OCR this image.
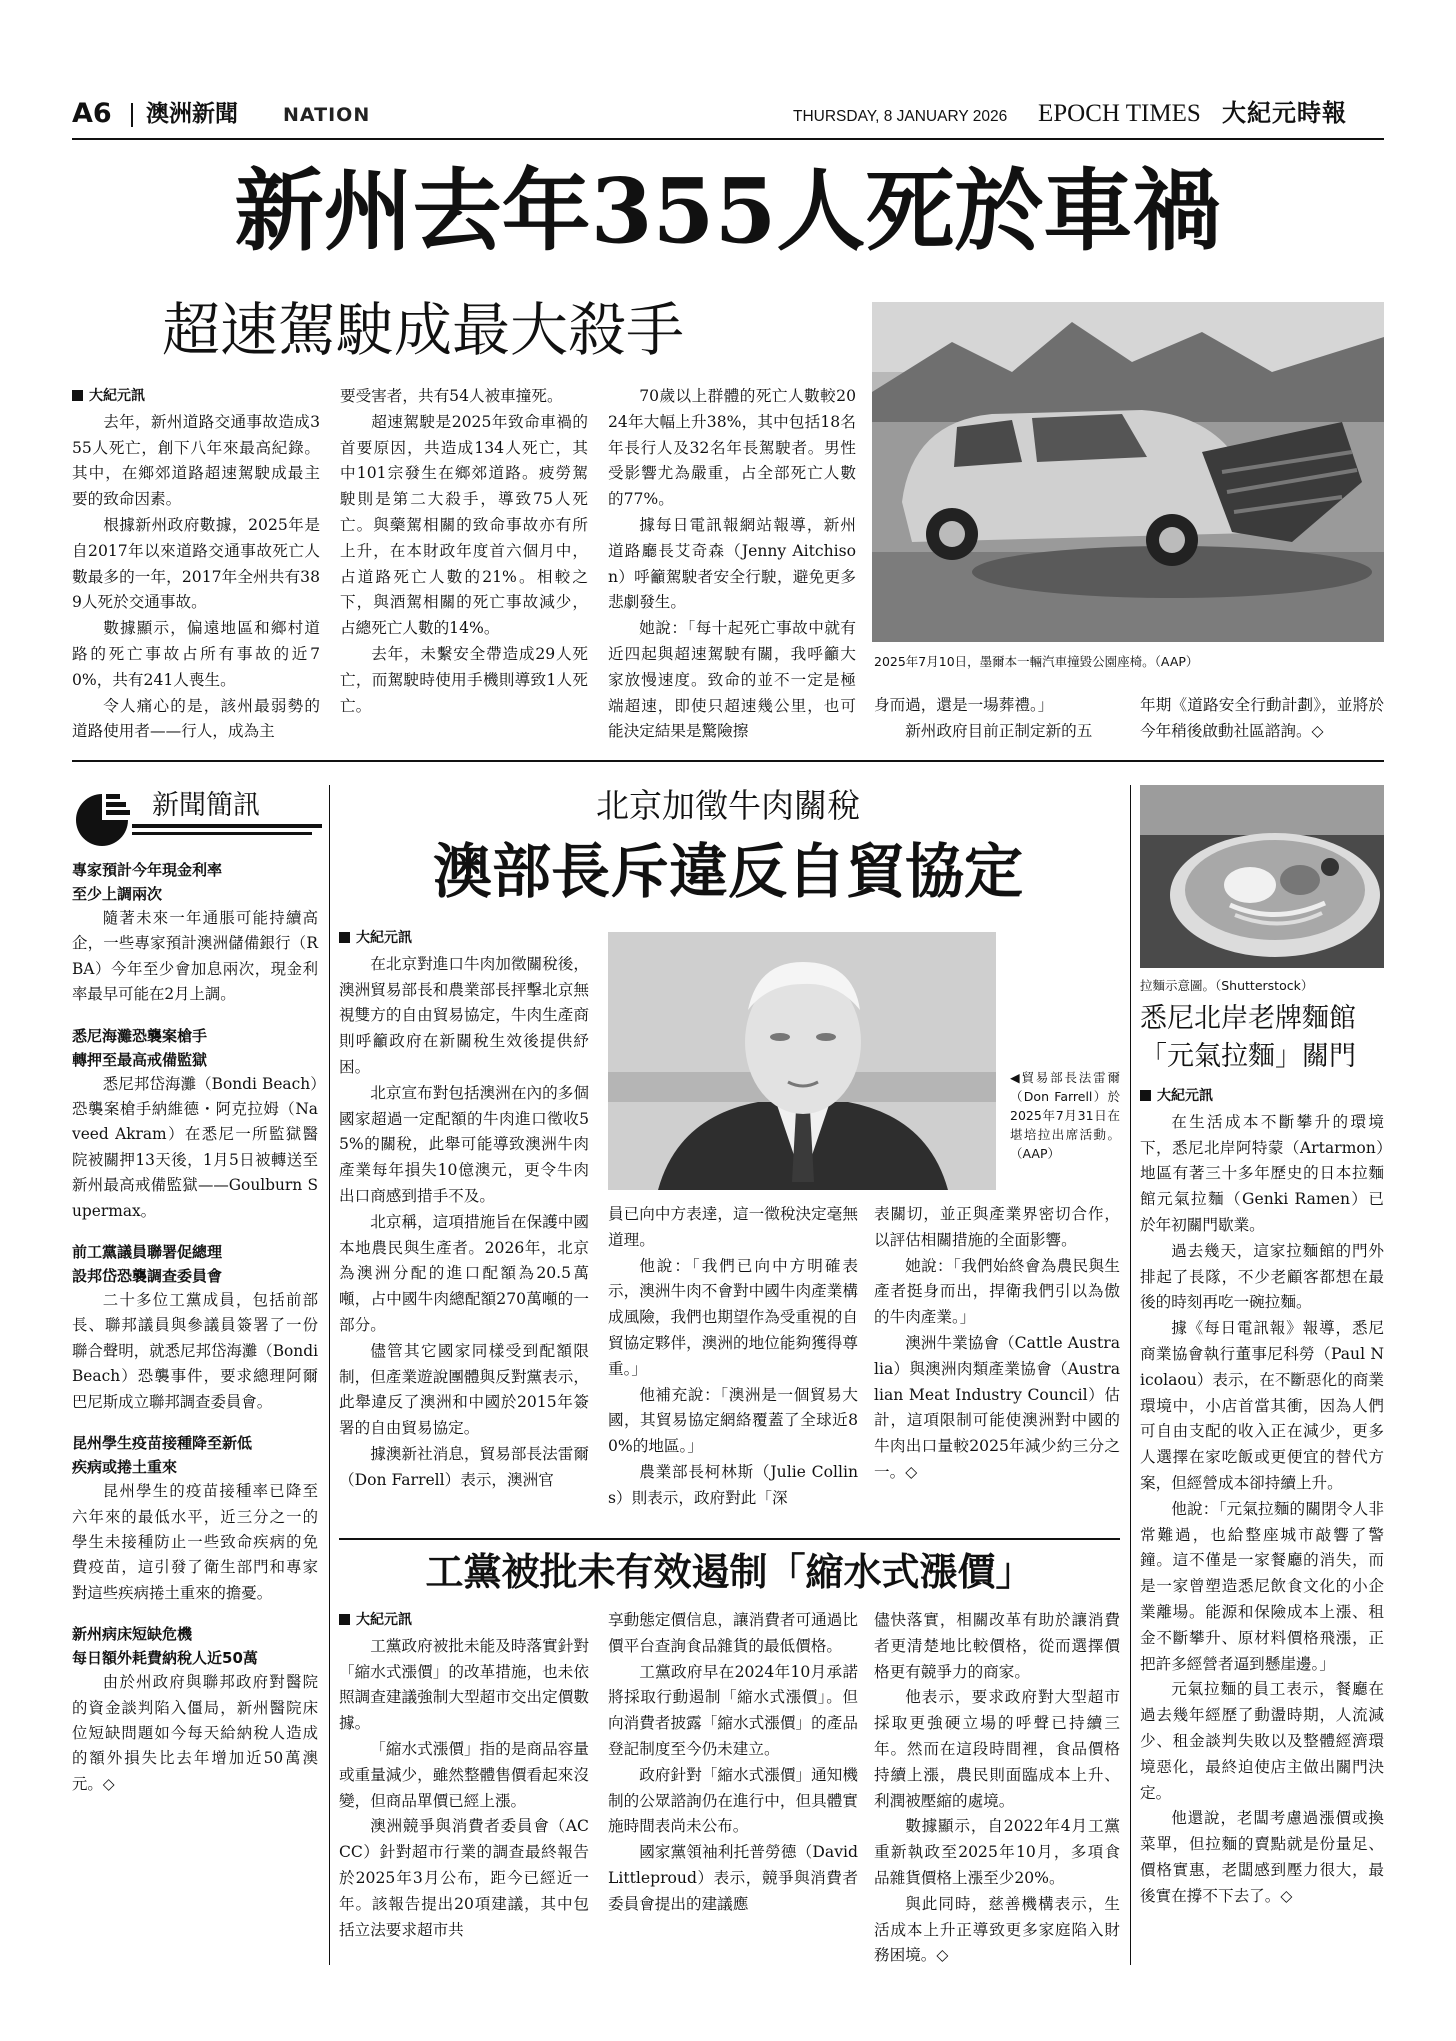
A6 澳洲新聞 NATION	THURSDAY, 8 JANUARY 2026 EPOCH TIMES 大紀元時報
新州去年355人死於車禍
超速駕駛成最大殺手
2025年7月10日，墨爾本一輛汽車撞毀公園座椅。（AAP）

大紀元訊

去年，新州道路交通事故造成355人死亡，創下八年來最高紀錄。其中，在鄉郊道路超速駕駛成最主要的致命因素。

根據新州政府數據，2025年是自2017年以來道路交通事故死亡人數最多的一年，2017年全州共有389人死於交通事故。

數據顯示，偏遠地區和鄉村道路的死亡事故占所有事故的近70%，共有241人喪生。

令人痛心的是，該州最弱勢的道路使用者——行人，成為主

要受害者，共有54人被車撞死。

超速駕駛是2025年致命車禍的首要原因，共造成134人死亡，其中101宗發生在鄉郊道路。疲勞駕駛則是第二大殺手，導致75人死亡。與藥駕相關的致命事故亦有所上升，在本財政年度首六個月中，占道路死亡人數的21%。相較之下，與酒駕相關的死亡事故減少，占總死亡人數的14%。

去年，未繫安全帶造成29人死亡，而駕駛時使用手機則導致1人死亡。

70歲以上群體的死亡人數較2024年大幅上升38%，其中包括18名年長行人及32名年長駕駛者。男性受影響尤為嚴重，占全部死亡人數的77%。

據每日電訊報網站報導，新州道路廳長艾奇森（Jenny Aitchison）呼籲駕駛者安全行駛，避免更多悲劇發生。

她說：「每十起死亡事故中就有近四起與超速駕駛有關，我呼籲大家放慢速度。致命的並不一定是極端超速，即使只超速幾公里，也可能決定結果是驚險擦

身而過，還是一場葬禮。」

新州政府目前正制定新的五

年期《道路安全行動計劃》，並將於今年稍後啟動社區諮詢。◇

新聞簡訊

專家預計今年現金利率
至少上調兩次

隨著未來一年通脹可能持續高企，一些專家預計澳洲儲備銀行（RBA）今年至少會加息兩次，現金利率最早可能在2月上調。

悉尼海灘恐襲案槍手
轉押至最高戒備監獄

悉尼邦岱海灘（Bondi Beach）恐襲案槍手納維德・阿克拉姆（Naveed Akram）在悉尼一所監獄醫院被關押13天後，1月5日被轉送至新州最高戒備監獄——Goulburn Supermax。

前工黨議員聯署促總理
設邦岱恐襲調查委員會

二十多位工黨成員，包括前部長、聯邦議員與參議員簽署了一份聯合聲明，就悉尼邦岱海灘（Bondi Beach）恐襲事件，要求總理阿爾巴尼斯成立聯邦調查委員會。

昆州學生疫苗接種降至新低
疾病或捲土重來

昆州學生的疫苗接種率已降至六年來的最低水平，近三分之一的學生未接種防止一些致命疾病的免費疫苗，這引發了衛生部門和專家對這些疾病捲土重來的擔憂。

新州病床短缺危機
每日額外耗費納稅人近50萬

由於州政府與聯邦政府對醫院的資金談判陷入僵局，新州醫院床位短缺問題如今每天給納稅人造成的額外損失比去年增加近50萬澳元。◇

北京加徵牛肉關稅
澳部長斥違反自貿協定
◀貿易部長法雷爾（Don Farrell）於2025年7月31日在堪培拉出席活動。（AAP）

大紀元訊

在北京對進口牛肉加徵關稅後，澳洲貿易部長和農業部長抨擊北京無視雙方的自由貿易協定，牛肉生產商則呼籲政府在新關稅生效後提供紓困。

北京宣布對包括澳洲在內的多個國家超過一定配額的牛肉進口徵收55%的關稅，此舉可能導致澳洲牛肉產業每年損失10億澳元，更令牛肉出口商感到措手不及。

北京稱，這項措施旨在保護中國本地農民與生產者。2026年，北京為澳洲分配的進口配額為20.5萬噸，占中國牛肉總配額270萬噸的一部分。

儘管其它國家同樣受到配額限制，但產業遊說團體與反對黨表示，此舉違反了澳洲和中國於2015年簽署的自由貿易協定。

據澳新社消息，貿易部長法雷爾（Don Farrell）表示，澳洲官

員已向中方表達，這一徵稅決定毫無道理。

他說：「我們已向中方明確表示，澳洲牛肉不會對中國牛肉產業構成風險，我們也期望作為受重視的自貿協定夥伴，澳洲的地位能夠獲得尊重。」

他補充說：「澳洲是一個貿易大國，其貿易協定網絡覆蓋了全球近80%的地區。」

農業部長柯林斯（Julie Collins）則表示，政府對此「深

表關切，並正與產業界密切合作，以評估相關措施的全面影響。

她說：「我們始終會為農民與生產者挺身而出，捍衛我們引以為傲的牛肉產業。」

澳洲牛業協會（Cattle Australia）與澳洲肉類產業協會（Australian Meat Industry Council）估計，這項限制可能使澳洲對中國的牛肉出口量較2025年減少約三分之一。◇

工黨被批未有效遏制「縮水式漲價」

大紀元訊

工黨政府被批未能及時落實針對「縮水式漲價」的改革措施，也未依照調查建議強制大型超市交出定價數據。

「縮水式漲價」指的是商品容量或重量減少，雖然整體售價看起來沒變，但商品單價已經上漲。

澳洲競爭與消費者委員會（ACCC）針對超市行業的調查最終報告於2025年3月公布，距今已經近一年。該報告提出20項建議，其中包括立法要求超市共

享動態定價信息，讓消費者可通過比價平台查詢食品雜貨的最低價格。

工黨政府早在2024年10月承諾將採取行動遏制「縮水式漲價」。但向消費者披露「縮水式漲價」的產品登記制度至今仍未建立。

政府針對「縮水式漲價」通知機制的公眾諮詢仍在進行中，但具體實施時間表尚未公布。

國家黨領袖利托普勞德（David Littleproud）表示，競爭與消費者委員會提出的建議應

儘快落實，相關改革有助於讓消費者更清楚地比較價格，從而選擇價格更有競爭力的商家。

他表示，要求政府對大型超市採取更強硬立場的呼聲已持續三年。然而在這段時間裡，食品價格持續上漲，農民則面臨成本上升、利潤被壓縮的處境。

數據顯示，自2022年4月工黨重新執政至2025年10月，多項食品雜貨價格上漲至少20%。

與此同時，慈善機構表示，生活成本上升正導致更多家庭陷入財務困境。◇

拉麵示意圖。（Shutterstock）
悉尼北岸老牌麵館
「元氣拉麵」關門

大紀元訊

在生活成本不斷攀升的環境下，悉尼北岸阿特蒙（Artarmon）地區有著三十多年歷史的日本拉麵館元氣拉麵（Genki Ramen）已於年初關門歇業。

過去幾天，這家拉麵館的門外排起了長隊，不少老顧客都想在最後的時刻再吃一碗拉麵。

據《每日電訊報》報導，悉尼商業協會執行董事尼科勞（Paul Nicolaou）表示，在不斷惡化的商業環境中，小店首當其衝，因為人們可自由支配的收入正在減少，更多人選擇在家吃飯或更便宜的替代方案，但經營成本卻持續上升。

他說：「元氣拉麵的關閉令人非常難過，也給整座城市敲響了警鐘。這不僅是一家餐廳的消失，而是一家曾塑造悉尼飲食文化的小企業離場。能源和保險成本上漲、租金不斷攀升、原材料價格飛漲，正把許多經營者逼到懸崖邊。」

元氣拉麵的員工表示，餐廳在過去幾年經歷了動盪時期，人流減少、租金談判失敗以及整體經濟環境惡化，最終迫使店主做出關門決定。

他還說，老闆考慮過漲價或換菜單，但拉麵的賣點就是份量足、價格實惠，老闆感到壓力很大，最後實在撐不下去了。◇
